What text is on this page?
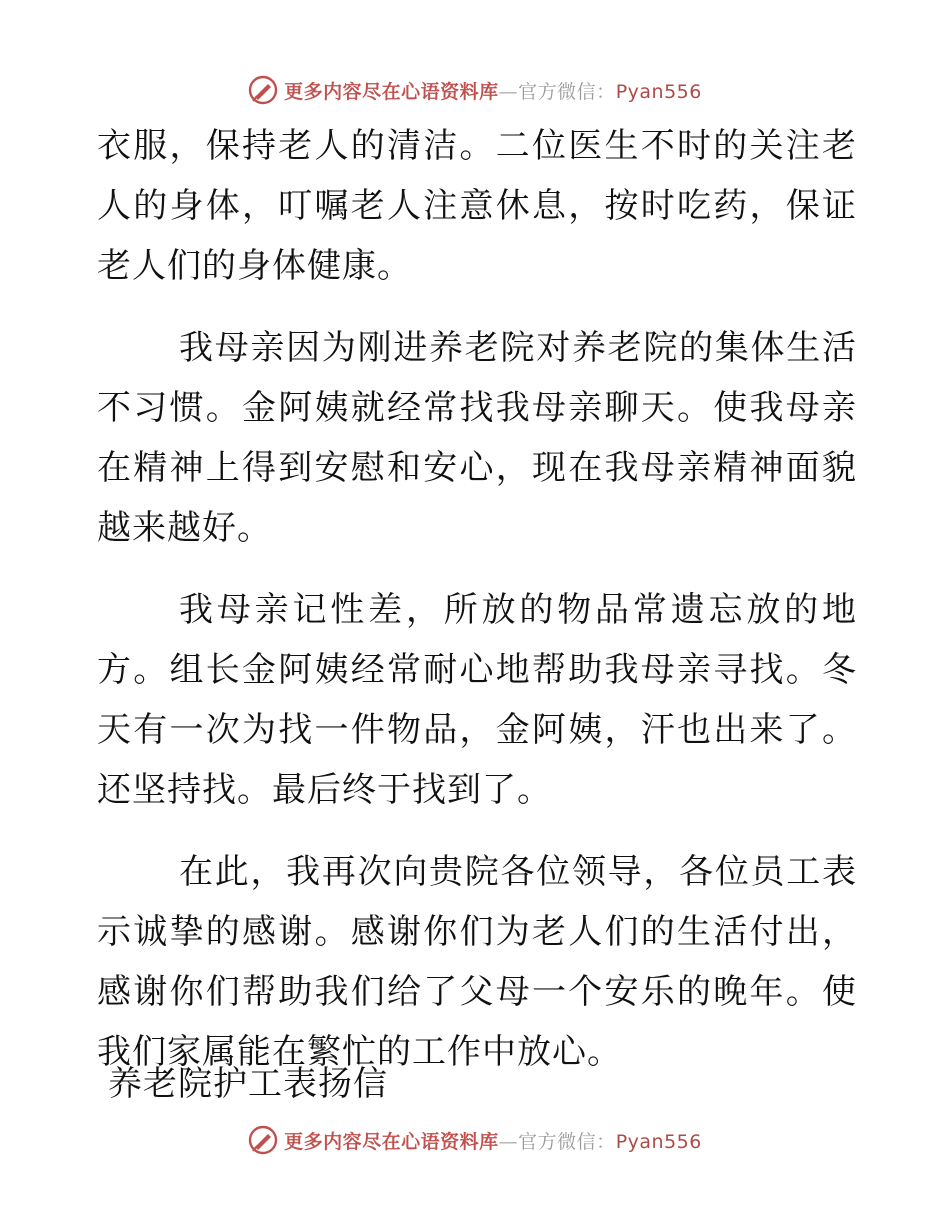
更多内容尽在心语资料库—官方微信：Pyan556

衣服，保持老人的清洁。二位医生不时的关注老人的身体，叮嘱老人注意休息，按时吃药，保证老人们的身体健康。

我母亲因为刚进养老院对养老院的集体生活不习惯。金阿姨就经常找我母亲聊天。使我母亲在精神上得到安慰和安心，现在我母亲精神面貌越来越好。

我母亲记性差，所放的物品常遗忘放的地方。组长金阿姨经常耐心地帮助我母亲寻找。冬天有一次为找一件物品，金阿姨，汗也出来了。还坚持找。最后终于找到了。

在此，我再次向贵院各位领导，各位员工表示诚挚的感谢。感谢你们为老人们的生活付出，感谢你们帮助我们给了父母一个安乐的晚年。使我们家属能在繁忙的工作中放心。

养老院护工表扬信

更多内容尽在心语资料库—官方微信：Pyan556
